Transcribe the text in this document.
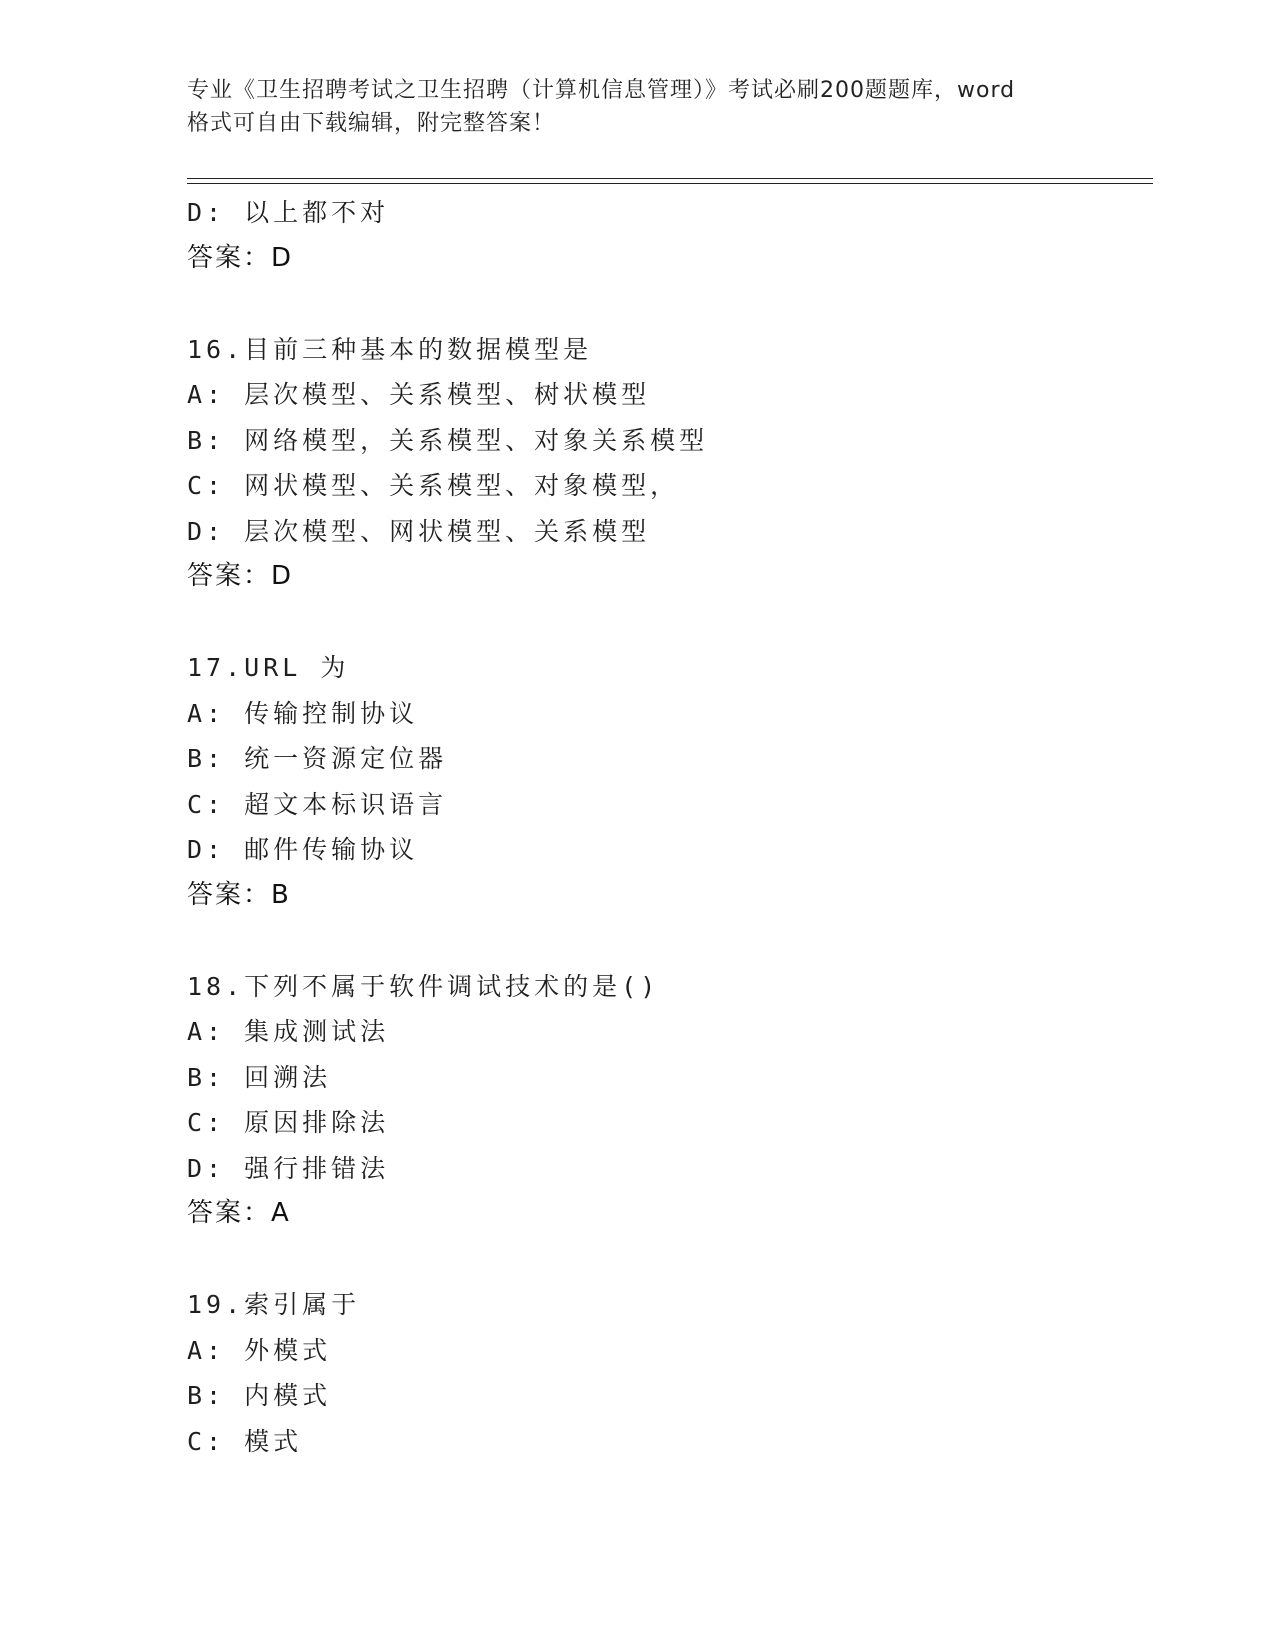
专业《卫生招聘考试之卫生招聘（计算机信息管理）》考试必刷200题题库，word
格式可自由下载编辑，附完整答案！
D: 以上都不对
答案：D
16.目前三种基本的数据模型是
A: 层次模型、关系模型、树状模型
B: 网络模型，关系模型、对象关系模型
C: 网状模型、关系模型、对象模型，
D: 层次模型、网状模型、关系模型
答案：D
17.URL 为
A: 传输控制协议
B: 统一资源定位器
C: 超文本标识语言
D: 邮件传输协议
答案：B
18.下列不属于软件调试技术的是()
A: 集成测试法
B: 回溯法
C: 原因排除法
D: 强行排错法
答案：A
19.索引属于
A: 外模式
B: 内模式
C: 模式
